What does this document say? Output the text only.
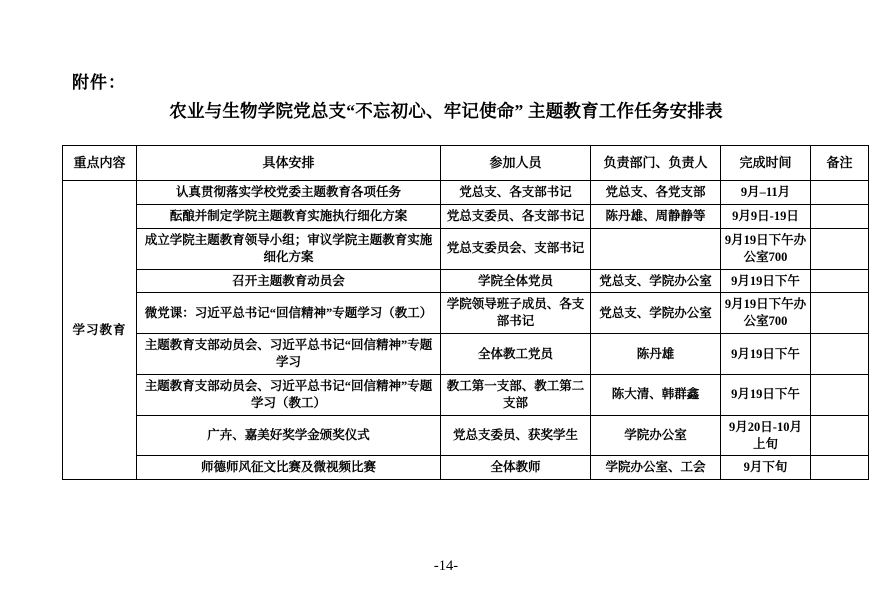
附件：
农业与生物学院党总支“不忘初心、牢记使命” 主题教育工作任务安排表
重点内容	具体安排	参加人员	负责部门、负责人	完成时间	备注
学习教育	认真贯彻落实学校党委主题教育各项任务	党总支、各支部书记	党总支、各党支部	9月–11月	
	酝酿并制定学院主题教育实施执行细化方案	党总支委员、各支部书记	陈丹雄、周静静等	9月9日-19日	
	成立学院主题教育领导小组；审议学院主题教育实施细化方案	党总支委员会、支部书记		9月19日下午办公室700	
	召开主题教育动员会	学院全体党员	党总支、学院办公室	9月19日下午	
	微党课：习近平总书记“回信精神”专题学习（教工）	学院领导班子成员、各支部书记	党总支、学院办公室	9月19日下午办公室700	
	主题教育支部动员会、习近平总书记“回信精神”专题学习	全体教工党员	陈丹雄	9月19日下午	
	主题教育支部动员会、习近平总书记“回信精神”专题学习（教工）	教工第一支部、教工第二支部	陈大清、韩群鑫	9月19日下午	
	广卉、嘉美好奖学金颁奖仪式	党总支委员、获奖学生	学院办公室	9月20日-10月上旬	
	师德师风征文比赛及微视频比赛	全体教师	学院办公室、工会	9月下旬	
-14-
